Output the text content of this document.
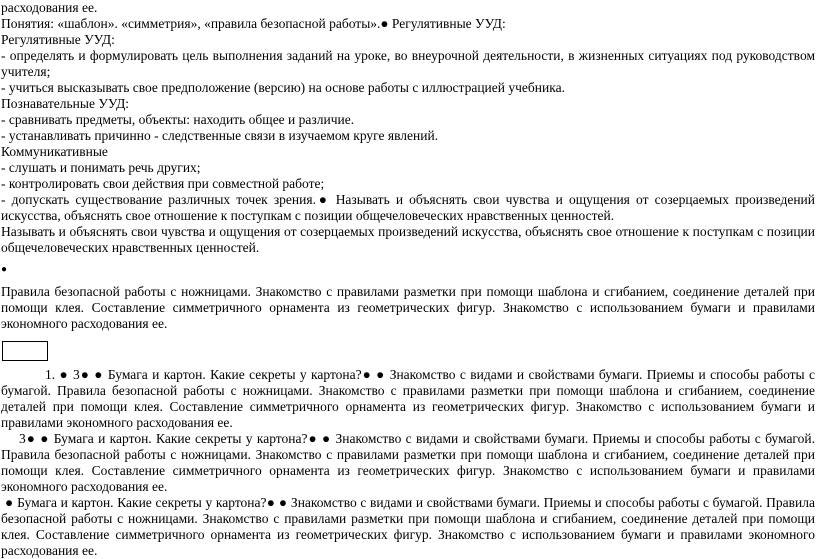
расходования ее.
Понятия: «шаблон». «симметрия», «правила безопасной работы».● Регулятивные УУД:
Регулятивные УУД:
- определять и формулировать цель выполнения заданий на уроке, во внеурочной деятельности, в жизненных ситуациях под руководством
учителя;
- учиться высказывать свое предположение (версию) на основе работы с иллюстрацией учебника.
Познавательные УУД:
- сравнивать предметы, объекты: находить общее и различие.
- устанавливать причинно - следственные связи в изучаемом круге явлений.
Коммуникативные
- слушать и понимать речь других;
- контролировать свои действия при совместной работе;
- допускать существование различных точек зрения.● Называть и объяснять свои чувства и ощущения от созерцаемых произведений
искусства, объяснять свое отношение к поступкам с позиции общечеловеческих нравственных ценностей.
Называть и объяснять свои чувства и ощущения от созерцаемых произведений искусства, объяснять свое отношение к поступкам с позиции
общечеловеческих нравственных ценностей.
●
Правила безопасной работы с ножницами. Знакомство с правилами разметки при помощи шаблона и сгибанием, соединение деталей при
помощи клея. Составление симметричного орнамента из геометрических фигур. Знакомство с использованием бумаги и правилами
экономного расходования ее.
1. ● 3● ● Бумага и картон. Какие секреты у картона?● ● Знакомство с видами и свойствами бумаги. Приемы и способы работы с
бумагой. Правила безопасной работы с ножницами. Знакомство с правилами разметки при помощи шаблона и сгибанием, соединение
деталей при помощи клея. Составление симметричного орнамента из геометрических фигур. Знакомство с использованием бумаги и
правилами экономного расходования ее.
3● ● Бумага и картон. Какие секреты у картона?● ● Знакомство с видами и свойствами бумаги. Приемы и способы работы с бумагой.
Правила безопасной работы с ножницами. Знакомство с правилами разметки при помощи шаблона и сгибанием, соединение деталей при
помощи клея. Составление симметричного орнамента из геометрических фигур. Знакомство с использованием бумаги и правилами
экономного расходования ее.
● Бумага и картон. Какие секреты у картона?● ● Знакомство с видами и свойствами бумаги. Приемы и способы работы с бумагой. Правила
безопасной работы с ножницами. Знакомство с правилами разметки при помощи шаблона и сгибанием, соединение деталей при помощи
клея. Составление симметричного орнамента из геометрических фигур. Знакомство с использованием бумаги и правилами экономного
расходования ее.
